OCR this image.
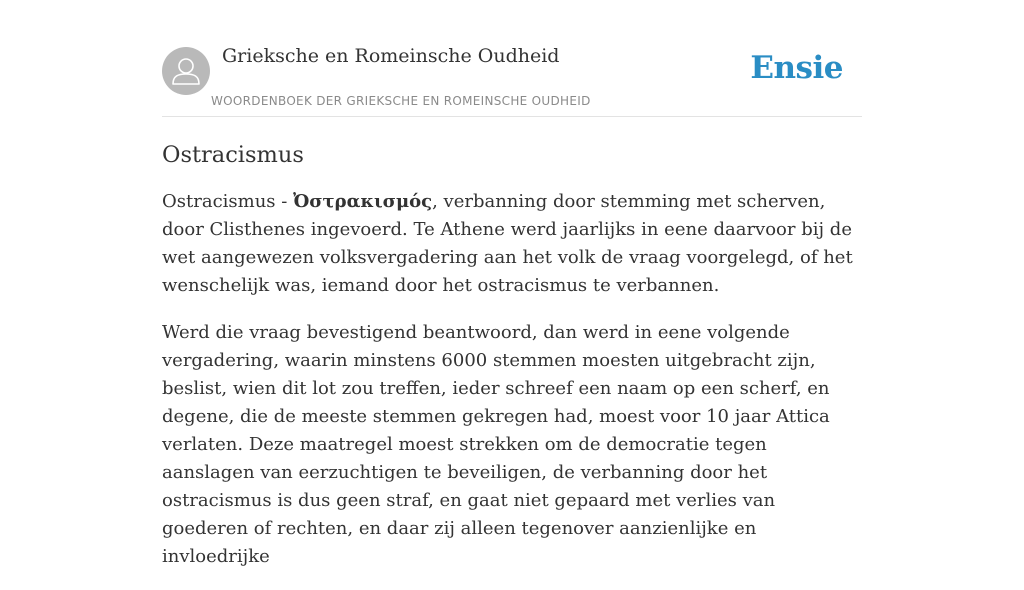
Grieksche en Romeinsche Oudheid
WOORDENBOEK DER GRIEKSCHE EN ROMEINSCHE OUDHEID
Ensie
Ostracismus

Ostracismus - Ὀστρακισμός, verbanning door stemming met scherven, door Clisthenes ingevoerd. Te Athene werd jaarlijks in eene daarvoor bij de wet aangewezen volksvergadering aan het volk de vraag voorgelegd, of het wenschelijk was, iemand door het ostracismus te verbannen.

Werd die vraag bevestigend beantwoord, dan werd in eene volgende vergadering, waarin minstens 6000 stemmen moesten uitgebracht zijn, beslist, wien dit lot zou treffen, ieder schreef een naam op een scherf, en degene, die de meeste stemmen gekregen had, moest voor 10 jaar Attica verlaten. Deze maatregel moest strekken om de democratie tegen aanslagen van eerzuchtigen te beveiligen, de verbanning door het ostracismus is dus geen straf, en gaat niet gepaard met verlies van goederen of rechten, en daar zij alleen tegenover aanzienlijke en invloedrijke
